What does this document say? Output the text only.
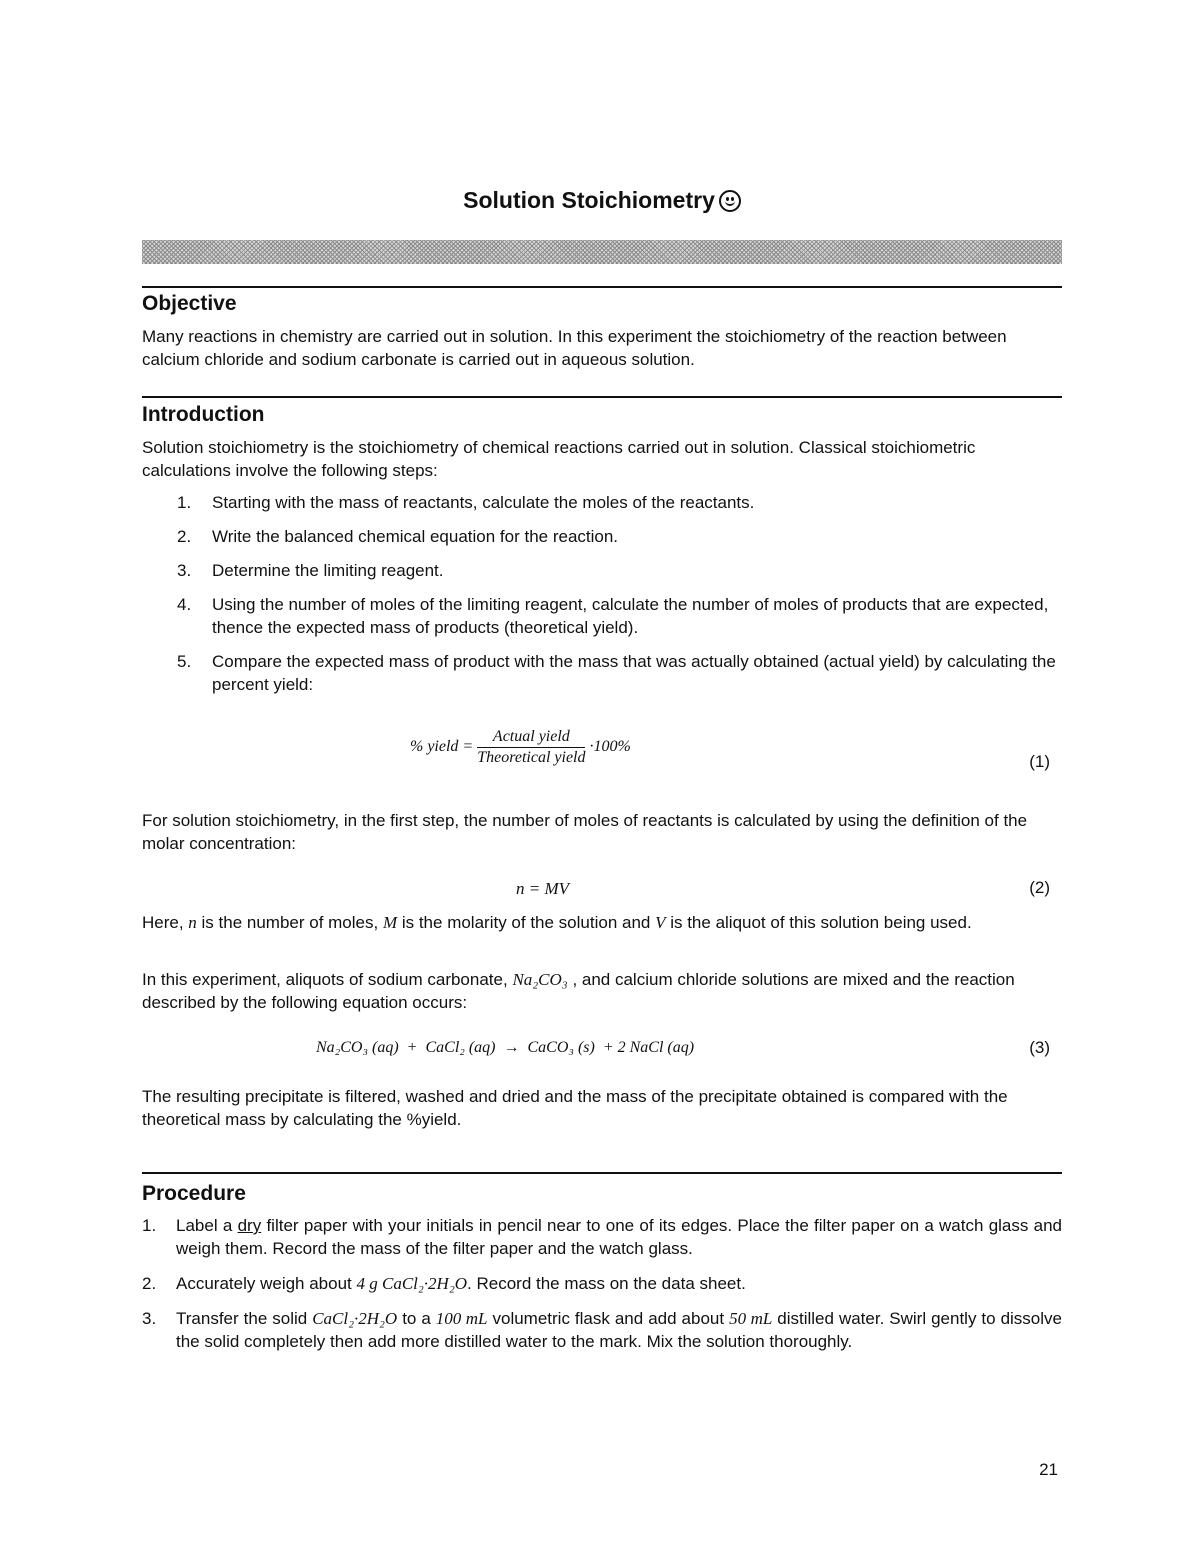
Solution Stoichiometry
Objective

Many reactions in chemistry are carried out in solution. In this experiment the stoichiometry of the reaction between calcium chloride and sodium carbonate is carried out in aqueous solution.

Introduction

Solution stoichiometry is the stoichiometry of chemical reactions carried out in solution. Classical stoichiometric calculations involve the following steps:

1. Starting with the mass of reactants, calculate the moles of the reactants.
2. Write the balanced chemical equation for the reaction.
3. Determine the limiting reagent.
4. Using the number of moles of the limiting reagent, calculate the number of moles of products that are expected, thence the expected mass of products (theoretical yield).
5. Compare the expected mass of product with the mass that was actually obtained (actual yield) by calculating the percent yield:
% yield = $\frac{\text{Actual yield}}{\text{Theoretical yield}} \cdot 100\%$
(1)

For solution stoichiometry, in the first step, the number of moles of reactants is calculated by using the definition of the molar concentration:

n = MV	(2)

Here, n is the number of moles, M is the molarity of the solution and V is the aliquot of this solution being used.

In this experiment, aliquots of sodium carbonate, Na₂CO₃ , and calcium chloride solutions are mixed and the reaction described by the following equation occurs:

Na₂CO₃ (aq)  +  CaCl₂ (aq)  →  CaCO₃ (s)  + 2 NaCl (aq)	(3)

The resulting precipitate is filtered, washed and dried and the mass of the precipitate obtained is compared with the theoretical mass by calculating the %yield.

Procedure
1. Label a dry filter paper with your initials in pencil near to one of its edges. Place the filter paper on a watch glass and weigh them. Record the mass of the filter paper and the watch glass.
2. Accurately weigh about 4 g CaCl₂·2H₂O. Record the mass on the data sheet.
3. Transfer the solid CaCl₂·2H₂O to a 100 mL volumetric flask and add about 50 mL distilled water. Swirl gently to dissolve the solid completely then add more distilled water to the mark. Mix the solution thoroughly.
21
